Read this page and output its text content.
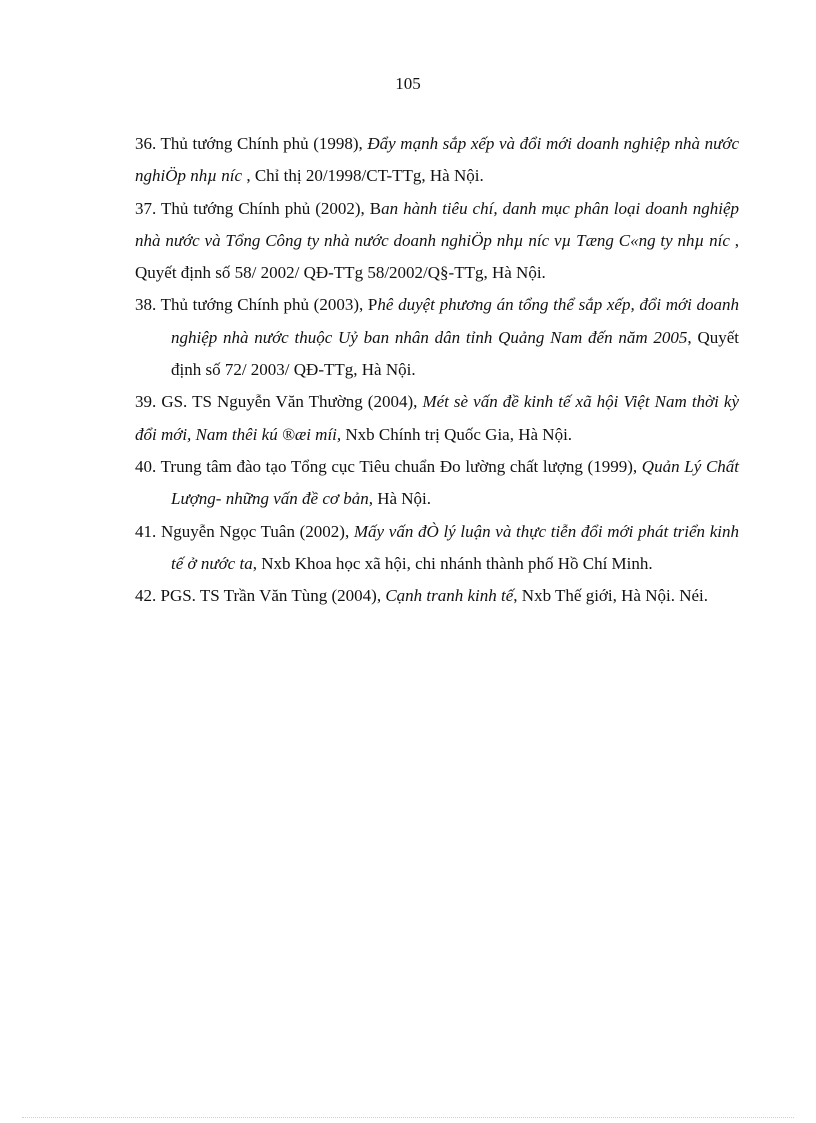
105

36. Thủ tướng Chính phủ (1998), Đẩy mạnh sắp xếp và đổi mới doanh nghiệp nhà nước nghiÖp nhµ níc , Chỉ thị 20/1998/CT-TTg, Hà Nội.

37. Thủ tướng Chính phủ (2002), Ban hành tiêu chí, danh mục phân loại doanh nghiệp nhà nước và Tổng Công ty nhà nước doanh nghiÖp nhµ níc vµ Tæng C«ng ty nhµ níc , Quyết định số 58/ 2002/ QĐ-TTg 58/2002/Q§-TTg, Hà Nội.

38. Thủ tướng Chính phủ (2003), Phê duyệt phương án tổng thể sắp xếp, đổi mới doanh nghiệp nhà nước thuộc Uỷ ban nhân dân tỉnh Quảng Nam đến năm 2005, Quyết định số 72/ 2003/ QĐ-TTg, Hà Nội.

39. GS. TS Nguyễn Văn Thường (2004), Mét sè vấn đề kinh tế xã hội Việt Nam thời kỳ đổi mới, Nam thêi kú ®æi míi, Nxb Chính trị Quốc Gia, Hà Nội.

40. Trung tâm đào tạo Tổng cục Tiêu chuẩn Đo lường chất lượng (1999), Quản Lý Chất Lượng- những vấn đề cơ bản, Hà Nội.

41. Nguyễn Ngọc Tuân (2002), Mấy vấn đÒ lý luận và thực tiễn đổi mới phát triển kinh tế ở nước ta, Nxb Khoa học xã hội, chi nhánh thành phố Hồ Chí Minh.

42. PGS. TS Trần Văn Tùng (2004), Cạnh tranh kinh tế, Nxb Thế giới, Hà Nội. Néi.
